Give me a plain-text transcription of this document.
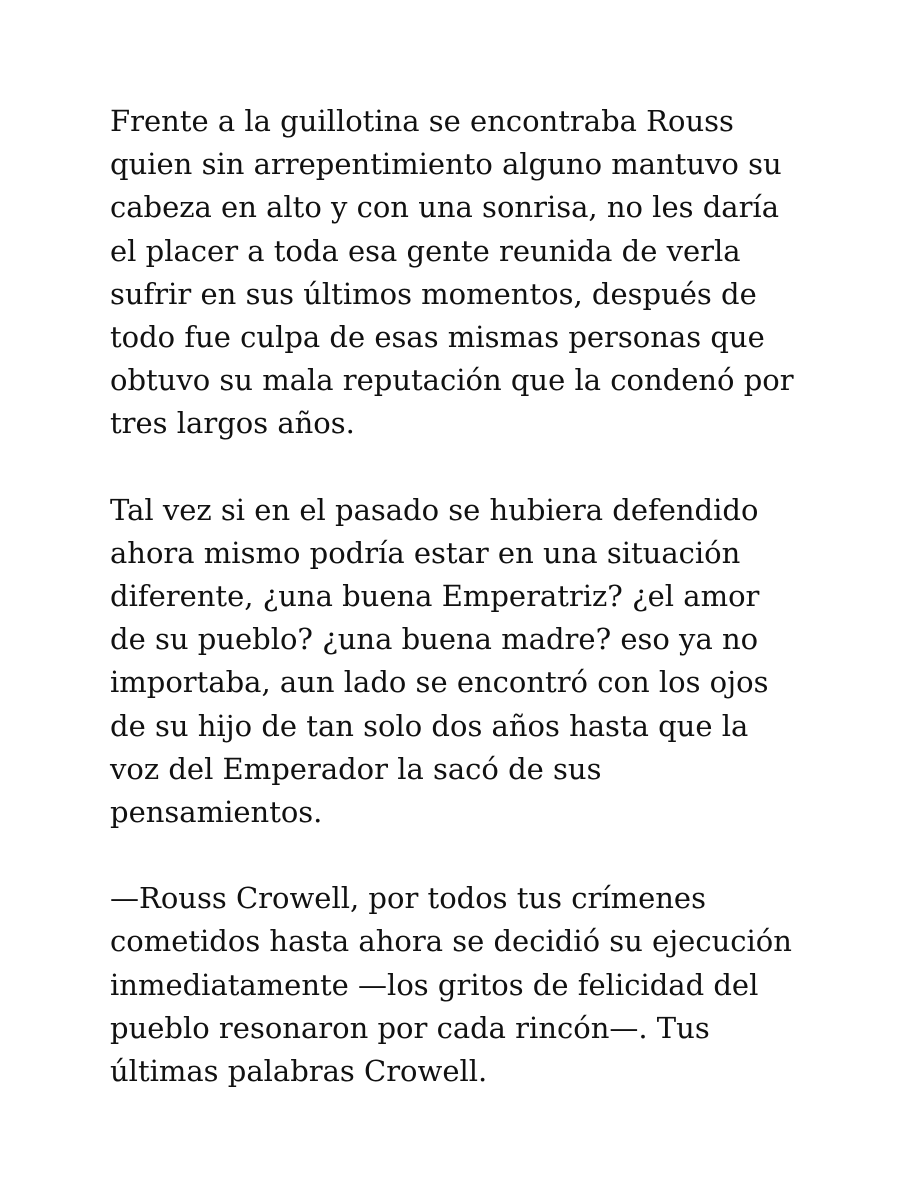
Frente a la guillotina se encontraba Rouss
quien sin arrepentimiento alguno mantuvo su
cabeza en alto y con una sonrisa, no les daría
el placer a toda esa gente reunida de verla
sufrir en sus últimos momentos, después de
todo fue culpa de esas mismas personas que
obtuvo su mala reputación que la condenó por
tres largos años.

Tal vez si en el pasado se hubiera defendido
ahora mismo podría estar en una situación
diferente, ¿una buena Emperatriz? ¿el amor
de su pueblo? ¿una buena madre? eso ya no
importaba, aun lado se encontró con los ojos
de su hijo de tan solo dos años hasta que la
voz del Emperador la sacó de sus
pensamientos.

—Rouss Crowell, por todos tus crímenes
cometidos hasta ahora se decidió su ejecución
inmediatamente —los gritos de felicidad del
pueblo resonaron por cada rincón—. Tus
últimas palabras Crowell.
